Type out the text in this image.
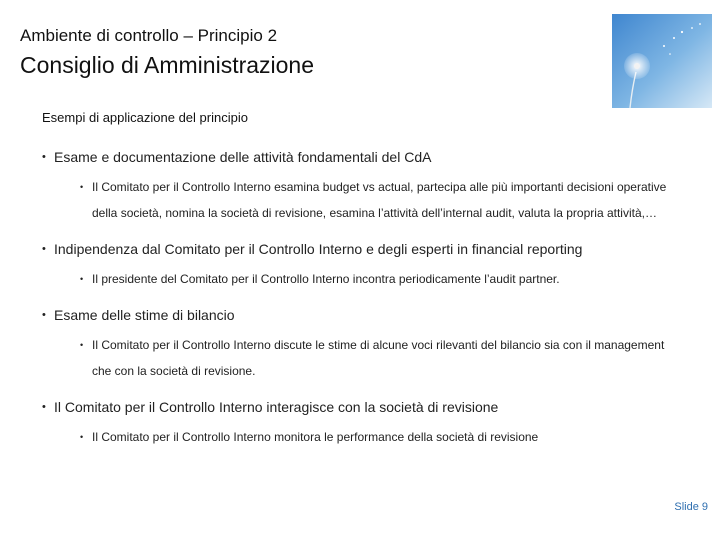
Ambiente di controllo – Principio 2
Consiglio di Amministrazione
Esempi di applicazione del principio
• Esame e documentazione delle attività fondamentali del CdA
• Il Comitato per il Controllo Interno esamina budget vs actual, partecipa alle più importanti decisioni operative della società, nomina la società di revisione, esamina l’attività dell’internal audit, valuta la propria attività,…
• Indipendenza dal Comitato per il Controllo Interno e degli esperti in financial reporting
• Il presidente del Comitato per il Controllo Interno incontra periodicamente l’audit partner.
• Esame delle stime di bilancio
• Il Comitato per il Controllo Interno discute le stime di alcune voci rilevanti del bilancio sia con il management che con la società di revisione.
• Il Comitato per il Controllo Interno interagisce con la società di revisione
• Il Comitato per il Controllo Interno monitora le performance della società di revisione
Slide 9
